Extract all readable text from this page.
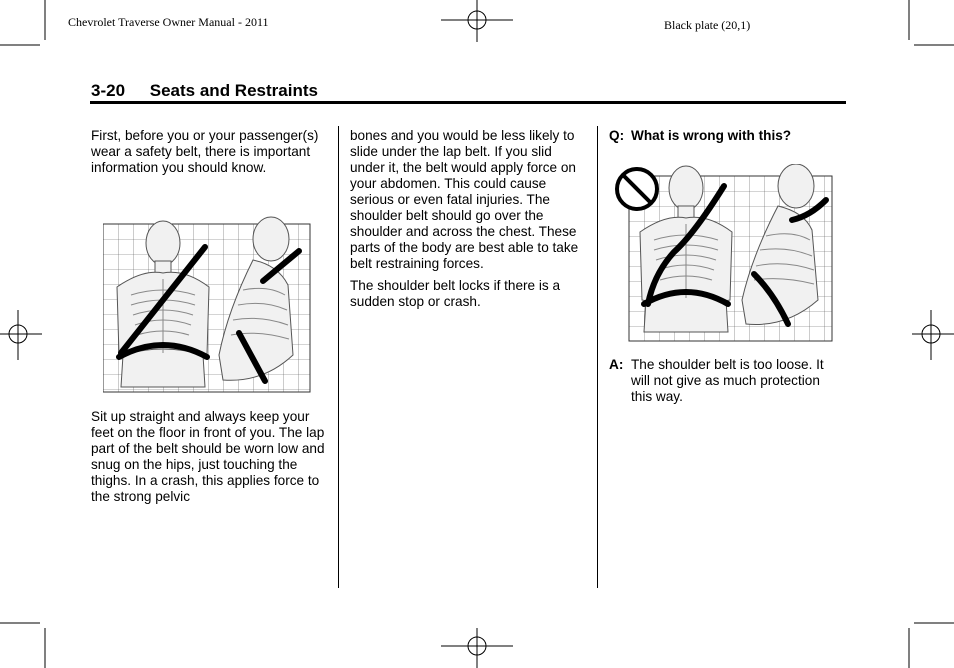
Chevrolet Traverse Owner Manual - 2011	Black plate (20,1)
3-20 Seats and Restraints

First, before you or your passenger(s) wear a safety belt, there is important information you should know.

Sit up straight and always keep your feet on the floor in front of you. The lap part of the belt should be worn low and snug on the hips, just touching the thighs. In a crash, this applies force to the strong pelvic

bones and you would be less likely to slide under the lap belt. If you slid under it, the belt would apply force on your abdomen. This could cause serious or even fatal injuries. The shoulder belt should go over the shoulder and across the chest. These parts of the body are best able to take belt restraining forces.

The shoulder belt locks if there is a sudden stop or crash.

Q: What is wrong with this?
A: The shoulder belt is too loose. It will not give as much protection this way.
